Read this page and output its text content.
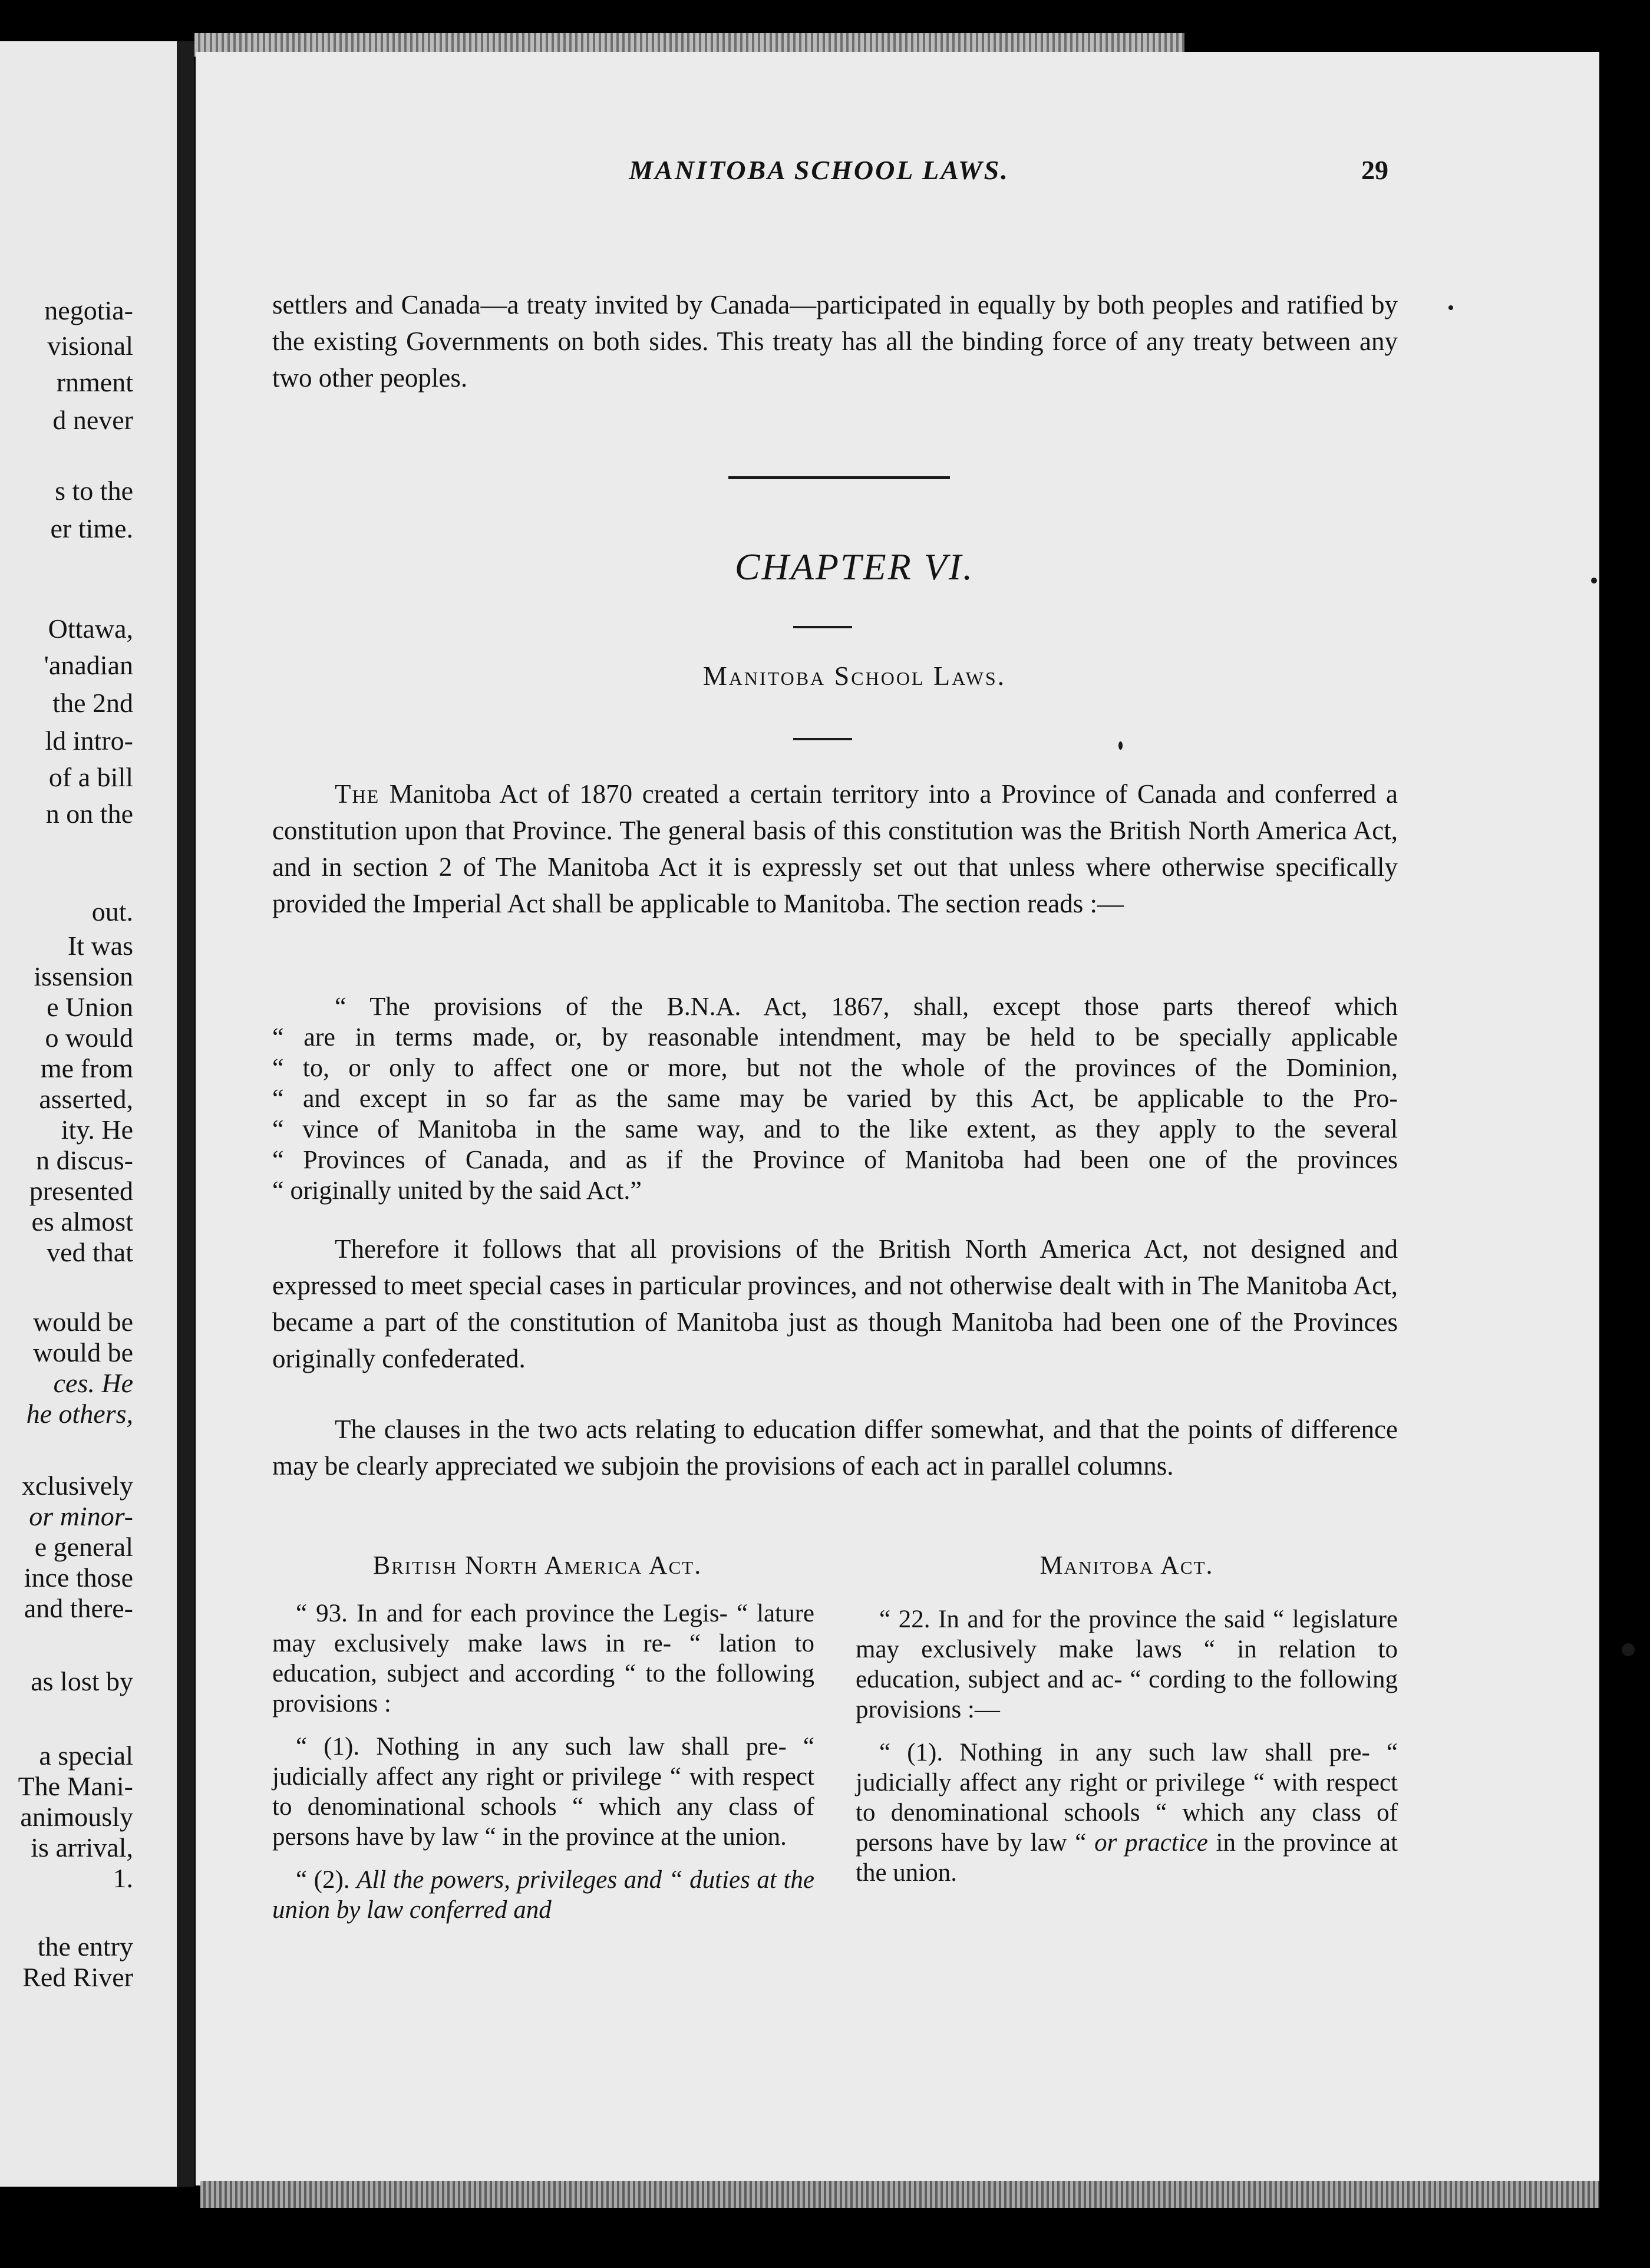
negotia-
visional
rnment
d never
s to the
er time.
Ottawa,
'anadian
the 2nd
ld intro-
of a bill
n on the
out.
It was
issension
e Union
o would
me from
asserted,
ity. He
n discus-
presented
es almost
ved that
would be
would be
ces. He
he others,
xclusively
or minor-
e general
ince those
and there-
as lost by
a special
The Mani-
animously
is arrival,
1.
the entry
Red River
MANITOBA SCHOOL LAWS.	29
settlers and Canada—a treaty invited by Canada—participated in equally by both peoples and ratified by the existing Governments on both sides. This treaty has all the binding force of any treaty between any two other peoples.
CHAPTER VI.
Manitoba School Laws.
The Manitoba Act of 1870 created a certain territory into a Province of Canada and conferred a constitution upon that Province. The general basis of this constitution was the British North America Act, and in section 2 of The Manitoba Act it is expressly set out that unless where otherwise specifically provided the Imperial Act shall be applicable to Manitoba. The section reads :—

“ The provisions of the B.N.A. Act, 1867, shall, except those parts thereof which

“ are in terms made, or, by reasonable intendment, may be held to be specially applicable

“ to, or only to affect one or more, but not the whole of the provinces of the Dominion,

“ and except in so far as the same may be varied by this Act, be applicable to the Pro-

“ vince of Manitoba in the same way, and to the like extent, as they apply to the several

“ Provinces of Canada, and as if the Province of Manitoba had been one of the provinces

“ originally united by the said Act.”

Therefore it follows that all provisions of the British North America Act, not designed and expressed to meet special cases in particular provinces, and not otherwise dealt with in The Manitoba Act, became a part of the constitution of Manitoba just as though Manitoba had been one of the Provinces originally confederated.
The clauses in the two acts relating to education differ somewhat, and that the points of difference may be clearly appreciated we subjoin the provisions of each act in parallel columns.
British North America Act.	Manitoba Act.

“ 93. In and for each province the Legis- “ lature may exclusively make laws in re- “ lation to education, subject and according “ to the following provisions :

“ (1). Nothing in any such law shall pre- “ judicially affect any right or privilege “ with respect to denominational schools “ which any class of persons have by law “ in the province at the union.

“ (2). All the powers, privileges and “ duties at the union by law conferred and

“ 22. In and for the province the said “ legislature may exclusively make laws “ in relation to education, subject and ac- “ cording to the following provisions :—

“ (1). Nothing in any such law shall pre- “ judicially affect any right or privilege “ with respect to denominational schools “ which any class of persons have by law “ or practice in the province at the union.
